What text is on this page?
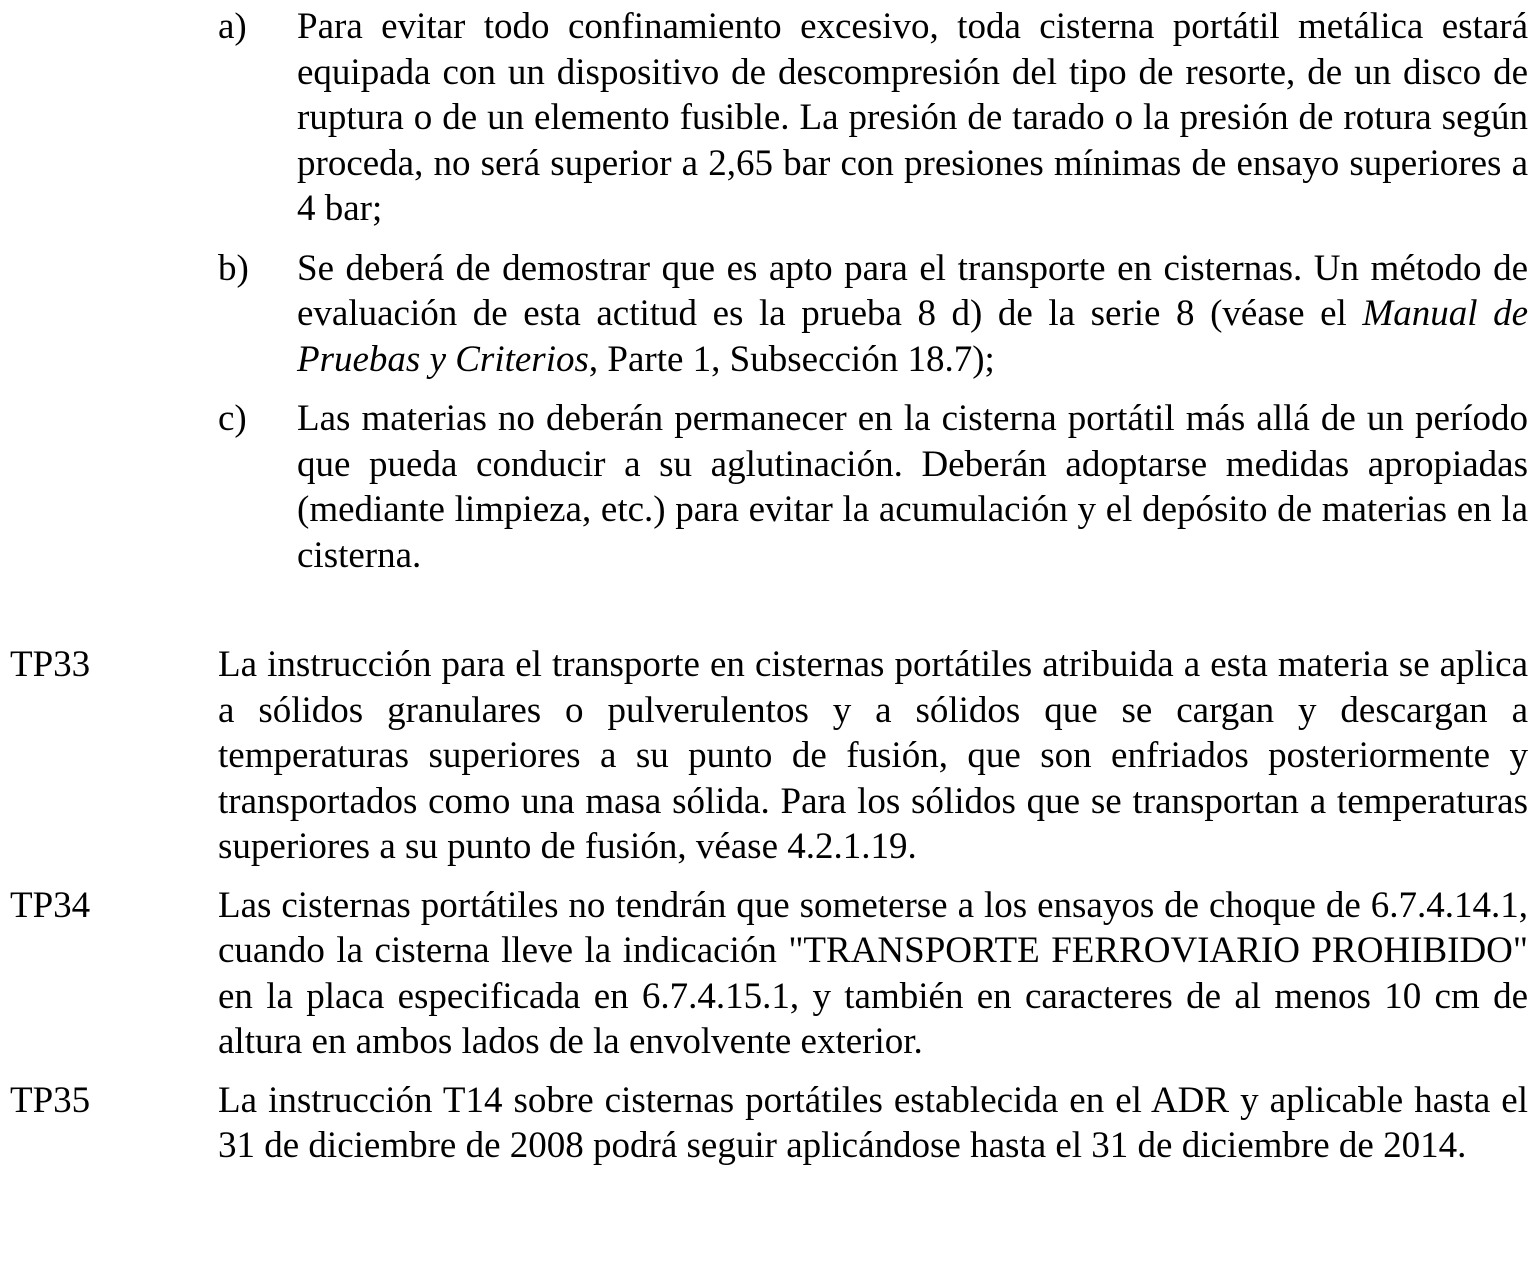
a) Para evitar todo confinamiento excesivo, toda cisterna portátil metálica estará equipada con un dispositivo de descompresión del tipo de resorte, de un disco de ruptura o de un elemento fusible. La presión de tarado o la presión de rotura según proceda, no será superior a 2,65 bar con presiones mínimas de ensayo superiores a 4 bar;
b) Se deberá de demostrar que es apto para el transporte en cisternas. Un método de evaluación de esta actitud es la prueba 8 d) de la serie 8 (véase el Manual de Pruebas y Criterios, Parte 1, Subsección 18.7);
c) Las materias no deberán permanecer en la cisterna portátil más allá de un período que pueda conducir a su aglutinación. Deberán adoptarse medidas apropiadas (mediante limpieza, etc.) para evitar la acumulación y el depósito de materias en la cisterna.
TP33	La instrucción para el transporte en cisternas portátiles atribuida a esta materia se aplica a sólidos granulares o pulverulentos y a sólidos que se cargan y descargan a temperaturas superiores a su punto de fusión, que son enfriados posteriormente y transportados como una masa sólida. Para los sólidos que se transportan a temperaturas superiores a su punto de fusión, véase 4.2.1.19.
TP34	Las cisternas portátiles no tendrán que someterse a los ensayos de choque de 6.7.4.14.1, cuando la cisterna lleve la indicación "TRANSPORTE FERROVIARIO PROHIBIDO" en la placa especificada en 6.7.4.15.1, y también en caracteres de al menos 10 cm de altura en ambos lados de la envolvente exterior.
TP35	La instrucción T14 sobre cisternas portátiles establecida en el ADR y aplicable hasta el 31 de diciembre de 2008 podrá seguir aplicándose hasta el 31 de diciembre de 2014.
